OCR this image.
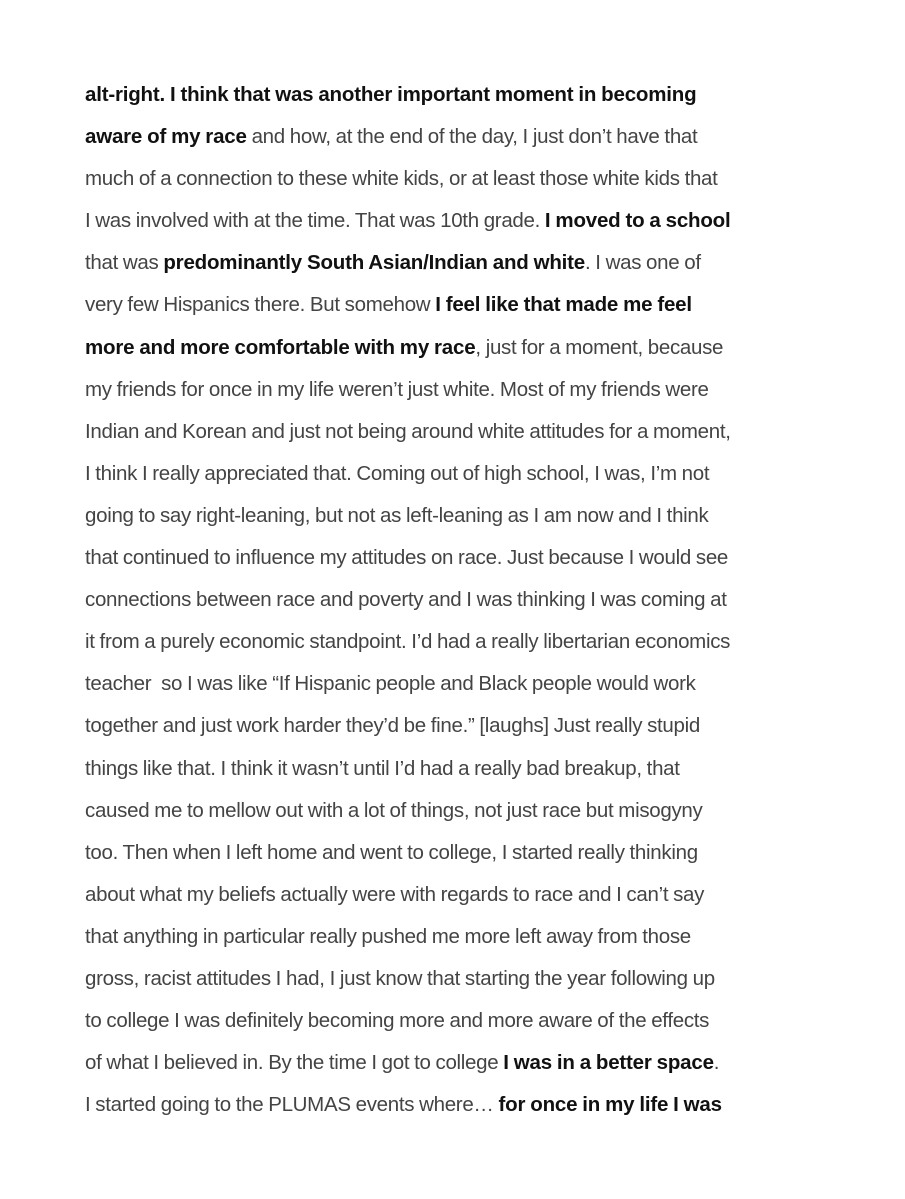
alt-right. I think that was another important moment in becoming
aware of my race and how, at the end of the day, I just don’t have that
much of a connection to these white kids, or at least those white kids that
I was involved with at the time. That was 10th grade. I moved to a school
that was predominantly South Asian/Indian and white. I was one of
very few Hispanics there. But somehow I feel like that made me feel
more and more comfortable with my race, just for a moment, because
my friends for once in my life weren’t just white. Most of my friends were
Indian and Korean and just not being around white attitudes for a moment,
I think I really appreciated that. Coming out of high school, I was, I’m not
going to say right-leaning, but not as left-leaning as I am now and I think
that continued to influence my attitudes on race. Just because I would see
connections between race and poverty and I was thinking I was coming at
it from a purely economic standpoint. I’d had a really libertarian economics
teacher  so I was like “If Hispanic people and Black people would work
together and just work harder they’d be fine.” [laughs] Just really stupid
things like that. I think it wasn’t until I’d had a really bad breakup, that
caused me to mellow out with a lot of things, not just race but misogyny
too. Then when I left home and went to college, I started really thinking
about what my beliefs actually were with regards to race and I can’t say
that anything in particular really pushed me more left away from those
gross, racist attitudes I had, I just know that starting the year following up
to college I was definitely becoming more and more aware of the effects
of what I believed in. By the time I got to college I was in a better space.
I started going to the PLUMAS events where… for once in my life I was
